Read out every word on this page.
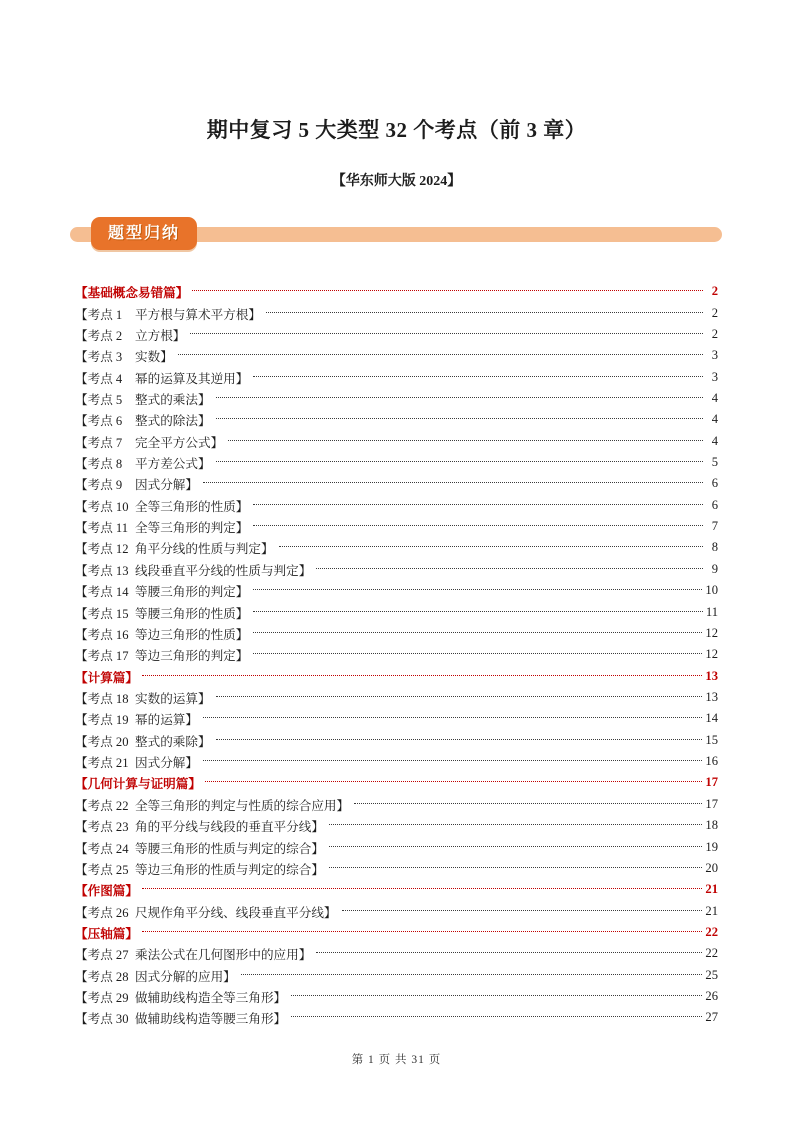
期中复习 5 大类型 32 个考点（前 3 章）
【华东师大版 2024】
题型归纳
【基础概念易错篇】	2
【考点 1	平方根与算术平方根】	2
【考点 2	立方根】	2
【考点 3	实数】	3
【考点 4	幂的运算及其逆用】	3
【考点 5	整式的乘法】	4
【考点 6	整式的除法】	4
【考点 7	完全平方公式】	4
【考点 8	平方差公式】	5
【考点 9	因式分解】	6
【考点 10 全等三角形的性质】	6
【考点 11 全等三角形的判定】	7
【考点 12 角平分线的性质与判定】	8
【考点 13 线段垂直平分线的性质与判定】	9
【考点 14 等腰三角形的判定】	10
【考点 15 等腰三角形的性质】	11
【考点 16 等边三角形的性质】	12
【考点 17 等边三角形的判定】	12
【计算篇】	13
【考点 18 实数的运算】	13
【考点 19 幂的运算】	14
【考点 20 整式的乘除】	15
【考点 21 因式分解】	16
【几何计算与证明篇】	17
【考点 22 全等三角形的判定与性质的综合应用】	17
【考点 23 角的平分线与线段的垂直平分线】	18
【考点 24 等腰三角形的性质与判定的综合】	19
【考点 25 等边三角形的性质与判定的综合】	20
【作图篇】	21
【考点 26 尺规作角平分线、线段垂直平分线】	21
【压轴篇】	22
【考点 27 乘法公式在几何图形中的应用】	22
【考点 28 因式分解的应用】	25
【考点 29 做辅助线构造全等三角形】	26
【考点 30 做辅助线构造等腰三角形】	27
第 1 页 共 31 页
